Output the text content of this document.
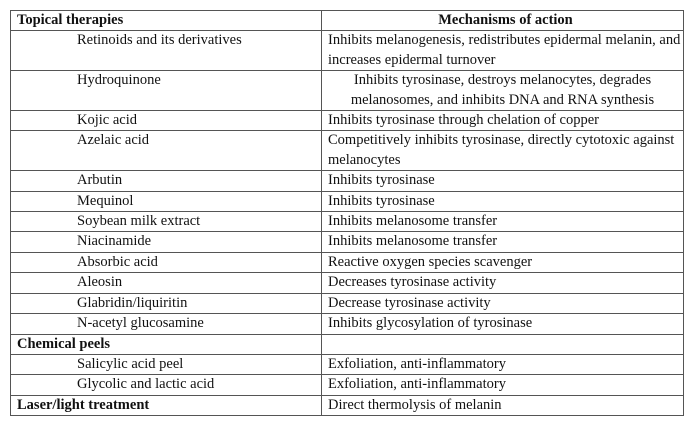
Topical therapies	Mechanisms of action
Retinoids and its derivatives	Inhibits melanogenesis, redistributes epidermal melanin, and increases epidermal turnover
Hydroquinone	Inhibits tyrosinase, destroys melanocytes, degrades melanosomes, and inhibits DNA and RNA synthesis
Kojic acid	Inhibits tyrosinase through chelation of copper
Azelaic acid	Competitively inhibits tyrosinase, directly cytotoxic against melanocytes
Arbutin	Inhibits tyrosinase
Mequinol	Inhibits tyrosinase
Soybean milk extract	Inhibits melanosome transfer
Niacinamide	Inhibits melanosome transfer
Absorbic acid	Reactive oxygen species scavenger
Aleosin	Decreases tyrosinase activity
Glabridin/liquiritin	Decrease tyrosinase activity
N-acetyl glucosamine	Inhibits glycosylation of tyrosinase
Chemical peels	
Salicylic acid peel	Exfoliation, anti-inflammatory
Glycolic and lactic acid	Exfoliation, anti-inflammatory
Laser/light treatment	Direct thermolysis of melanin
